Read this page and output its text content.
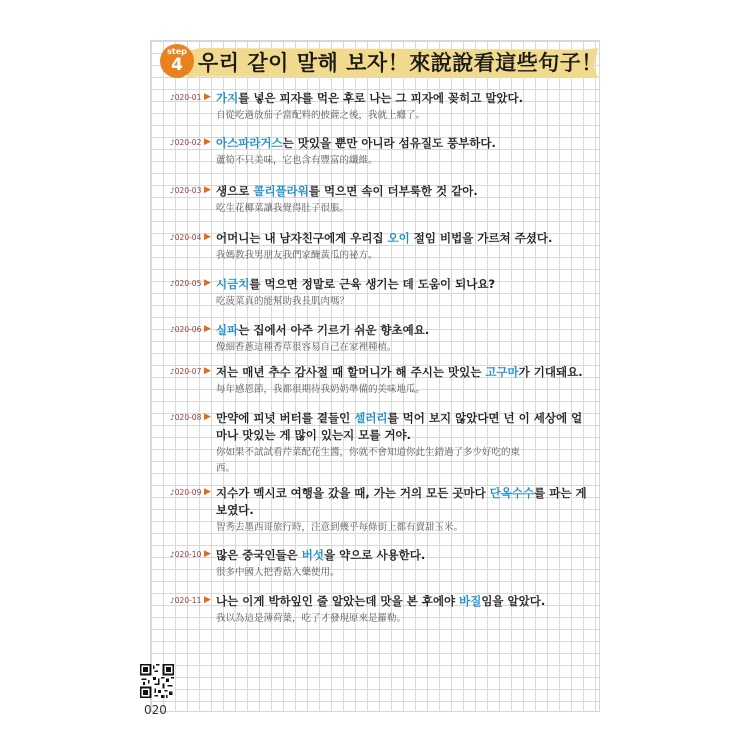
step
4 우리 같이 말해 보자！來說說看這些句子！
♪020-01 ▶ 가지를 넣은 피자를 먹은 후로 나는 그 피자에 꽂히고 말았다.
自從吃過放茄子當配料的披薩之後，我就上癮了。
♪020-02 ▶ 아스파라거스는 맛있을 뿐만 아니라 섬유질도 풍부하다.
蘆筍不只美味，它也含有豐富的纖維。
♪020-03 ▶ 생으로 콜리플라워를 먹으면 속이 더부룩한 것 같아.
吃生花椰菜讓我覺得肚子很脹。
♪020-04 ▶ 어머니는 내 남자친구에게 우리집 오이 절임 비법을 가르쳐 주셨다.
我媽教我男朋友我們家醃黃瓜的祕方。
♪020-05 ▶ 시금치를 먹으면 정말로 근육 생기는 데 도움이 되나요?
吃菠菜真的能幫助我長肌肉嗎？
♪020-06 ▶ 실파는 집에서 아주 기르기 쉬운 향초예요.
像細香蔥這種香草很容易自己在家裡種植。
♪020-07 ▶ 저는 매년 추수 감사절 때 할머니가 해 주시는 맛있는 고구마가 기대돼요.
每年感恩節，我都很期待我奶奶準備的美味地瓜。
♪020-08 ▶ 만약에 피넛 버터를 곁들인 셀러리를 먹어 보지 않았다면 넌 이 세상에 얼
마나 맛있는 게 많이 있는지 모를 거야.
你如果不試試看芹菜配花生醬，你就不會知道你此生錯過了多少好吃的東
西。
♪020-09 ▶ 지수가 멕시코 여행을 갔을 때, 가는 거의 모든 곳마다 단옥수수를 파는 게
보였다.
智秀去墨西哥旅行時，注意到幾乎每條街上都有賣甜玉米。
♪020-10 ▶ 많은 중국인들은 버섯을 약으로 사용한다.
很多中國人把香菇入藥使用。
♪020-11 ▶ 나는 이게 박하잎인 줄 알았는데 맛을 본 후에야 바질임을 알았다.
我以為這是薄荷葉，吃了才發現原來是羅勒。
020
